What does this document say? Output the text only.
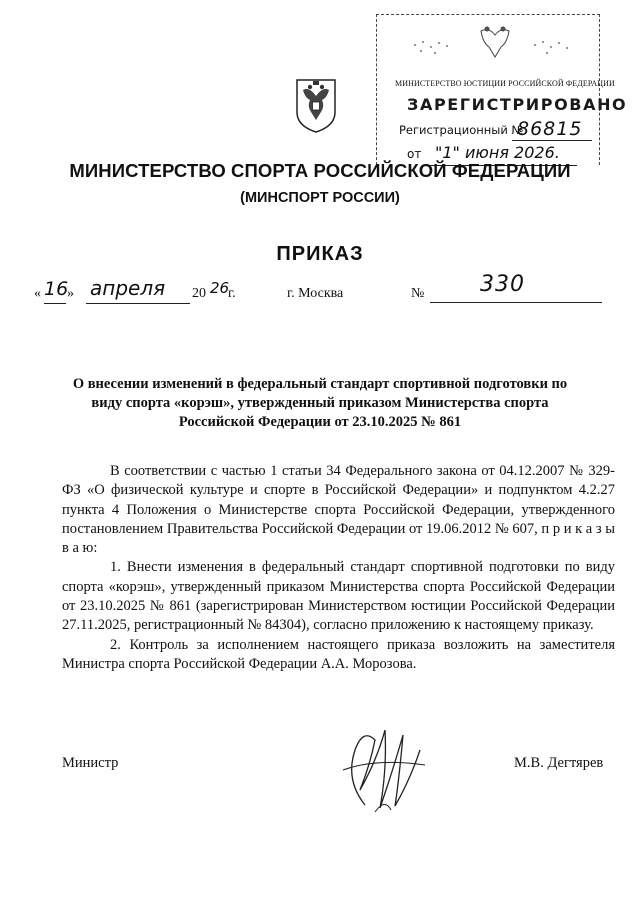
МИНИСТЕРСТВО ЮСТИЦИИ РОССИЙСКОЙ ФЕДЕРАЦИИ
ЗАРЕГИСТРИРОВАНО
Регистрационный №
86815
от "1" июня 2026.
МИНИСТЕРСТВО СПОРТА РОССИЙСКОЙ ФЕДЕРАЦИИ
(МИНСПОРТ РОССИИ)
ПРИКАЗ
« 16
» апреля 20 26
г.	г. Москва	№	330
О внесении изменений в федеральный стандарт спортивной подготовки по виду спорта «корэш», утвержденный приказом Министерства спорта Российской Федерации от 23.10.2025 № 861

В соответствии с частью 1 статьи 34 Федерального закона от 04.12.2007 № 329-ФЗ «О физической культуре и спорте в Российской Федерации» и подпунктом 4.2.27 пункта 4 Положения о Министерстве спорта Российской Федерации, утвержденного постановлением Правительства Российской Федерации от 19.06.2012 № 607, п р и к а з ы в а ю:

1. Внести изменения в федеральный стандарт спортивной подготовки по виду спорта «корэш», утвержденный приказом Министерства спорта Российской Федерации от 23.10.2025 № 861 (зарегистрирован Министерством юстиции Российской Федерации 27.11.2025, регистрационный № 84304), согласно приложению к настоящему приказу.

2. Контроль за исполнением настоящего приказа возложить на заместителя Министра спорта Российской Федерации А.А. Морозова.

Министр	М.В. Дегтярев
